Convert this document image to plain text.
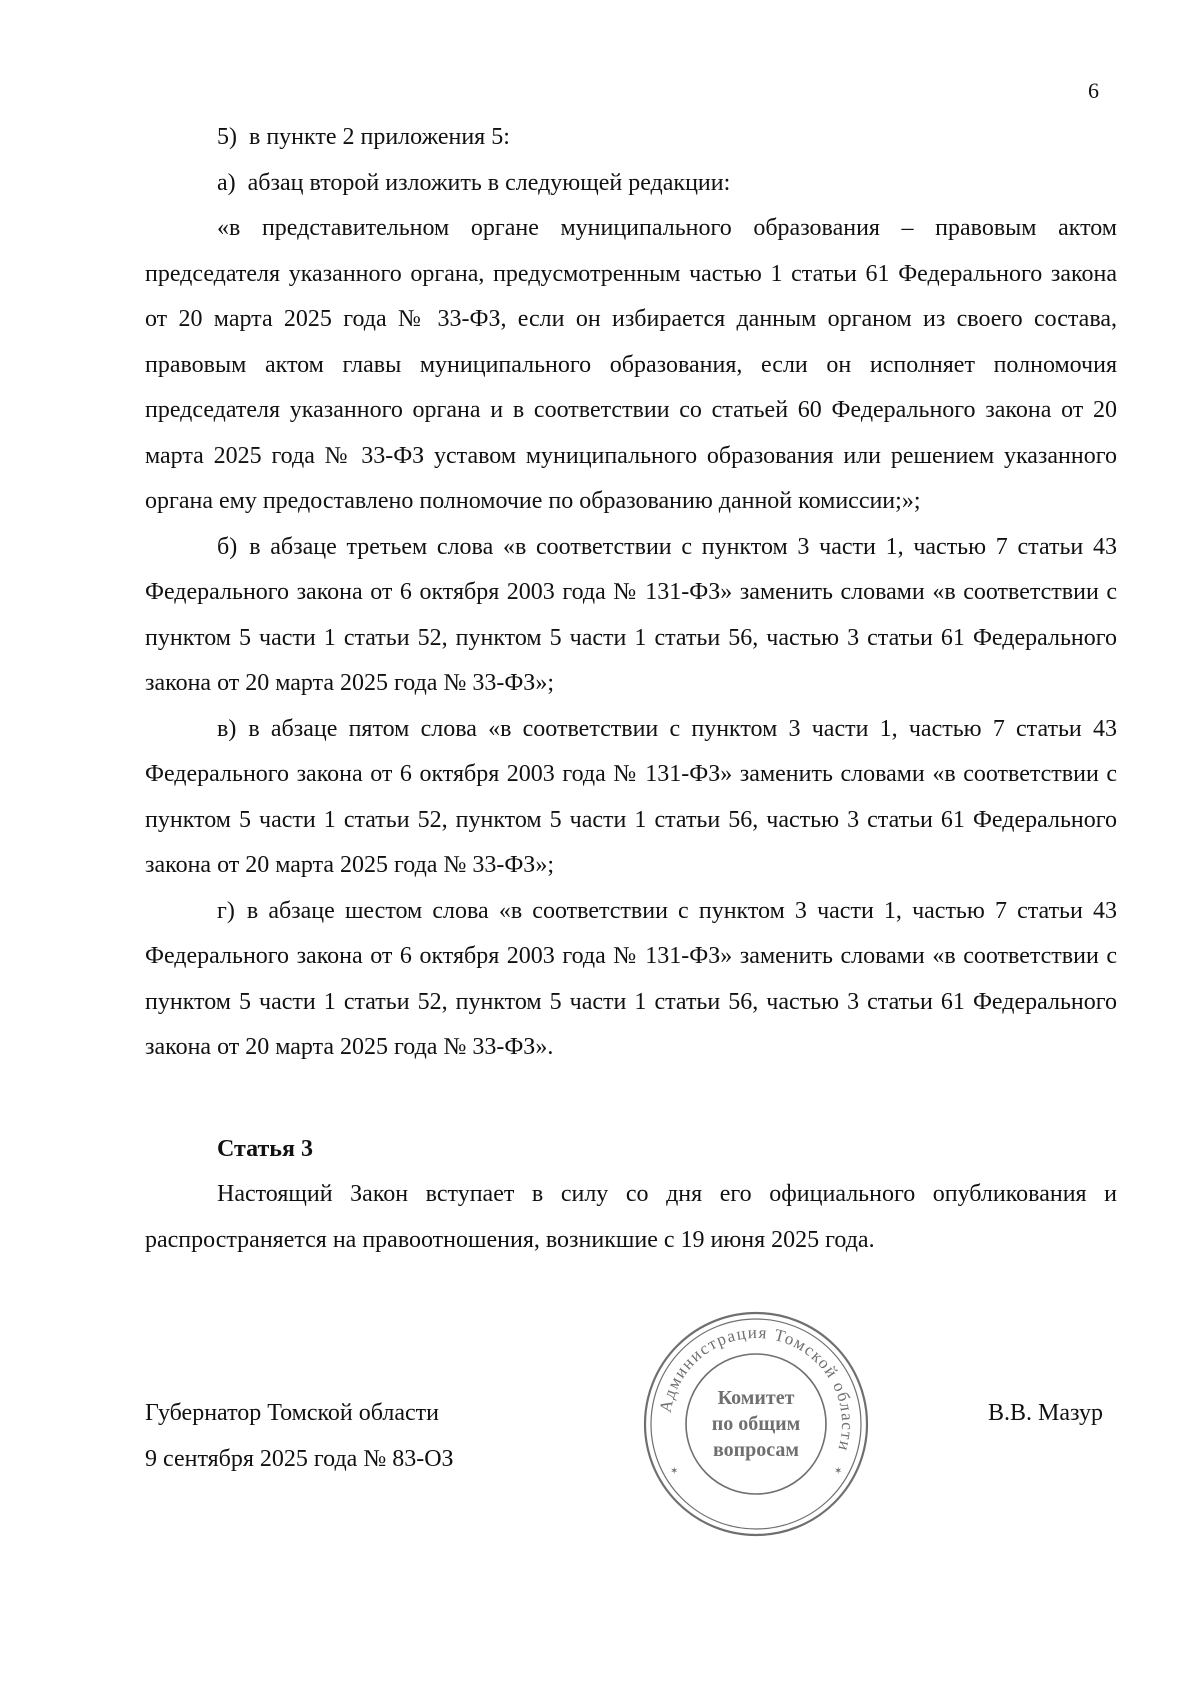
6

5) в пункте 2 приложения 5:

а) абзац второй изложить в следующей редакции:

«в представительном органе муниципального образования – правовым актом председателя указанного органа, предусмотренным частью 1 статьи 61 Федерального закона от 20 марта 2025 года № 33-ФЗ, если он избирается данным органом из своего состава, правовым актом главы муниципального образования, если он исполняет полномочия председателя указанного органа и в соответствии со статьей 60 Федерального закона от 20 марта 2025 года № 33-ФЗ уставом муниципального образования или решением указанного органа ему предоставлено полномочие по образованию данной комиссии;»;

б) в абзаце третьем слова «в соответствии с пунктом 3 части 1, частью 7 статьи 43 Федерального закона от 6 октября 2003 года № 131-ФЗ» заменить словами «в соответствии с пунктом 5 части 1 статьи 52, пунктом 5 части 1 статьи 56, частью 3 статьи 61 Федерального закона от 20 марта 2025 года № 33-ФЗ»;

в) в абзаце пятом слова «в соответствии с пунктом 3 части 1, частью 7 статьи 43 Федерального закона от 6 октября 2003 года № 131-ФЗ» заменить словами «в соответствии с пунктом 5 части 1 статьи 52, пунктом 5 части 1 статьи 56, частью 3 статьи 61 Федерального закона от 20 марта 2025 года № 33-ФЗ»;

г) в абзаце шестом слова «в соответствии с пунктом 3 части 1, частью 7 статьи 43 Федерального закона от 6 октября 2003 года № 131-ФЗ» заменить словами «в соответствии с пунктом 5 части 1 статьи 52, пунктом 5 части 1 статьи 56, частью 3 статьи 61 Федерального закона от 20 марта 2025 года № 33-ФЗ».

Статья 3

Настоящий Закон вступает в силу со дня его официального опубликования и распространяется на правоотношения, возникшие с 19 июня 2025 года.

Губернатор Томской области
9 сентября 2025 года № 83-ОЗ
В.В. Мазур
Администрация Томской области
Комитет
по общим
вопросам
✶	✶
